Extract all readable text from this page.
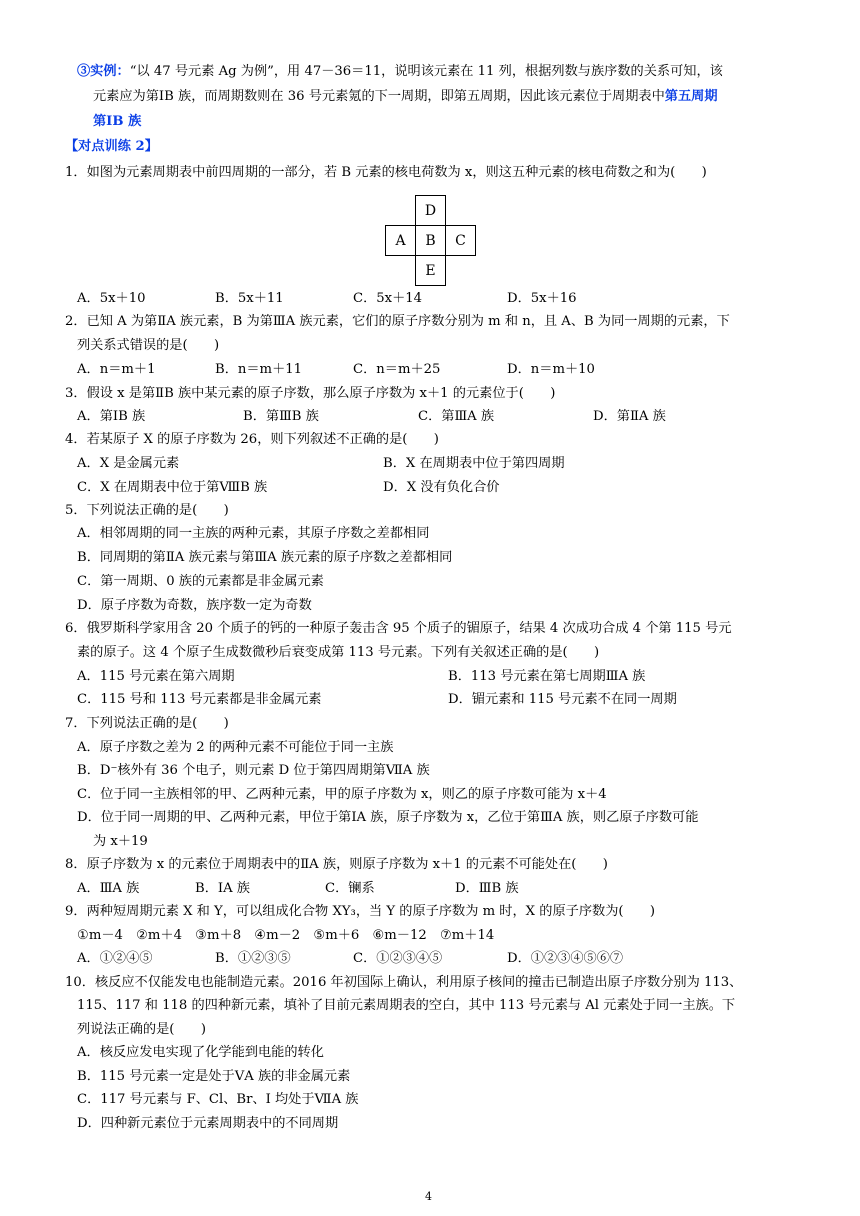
③实例：“以 47 号元素 Ag 为例”，用 47－36＝11，说明该元素在 11 列，根据列数与族序数的关系可知，该
元素应为第ⅠB 族，而周期数则在 36 号元素氪的下一周期，即第五周期，因此该元素位于周期表中第五周期
第ⅠB 族
【对点训练 2】
1．如图为元素周期表中前四周期的一部分，若 B 元素的核电荷数为 x，则这五种元素的核电荷数之和为(　　)
D
A	B	C
E
A．5x＋10	B．5x＋11	C．5x＋14	D．5x＋16
2．已知 A 为第ⅡA 族元素，B 为第ⅢA 族元素，它们的原子序数分别为 m 和 n，且 A、B 为同一周期的元素，下
列关系式错误的是(　　)
A．n＝m＋1	B．n＝m＋11	C．n＝m＋25	D．n＝m＋10
3．假设 x 是第ⅡB 族中某元素的原子序数，那么原子序数为 x＋1 的元素位于(　　)
A．第ⅠB 族	B．第ⅢB 族	C．第ⅢA 族	D．第ⅡA 族
4．若某原子 X 的原子序数为 26，则下列叙述不正确的是(　　)
A．X 是金属元素	B．X 在周期表中位于第四周期
C．X 在周期表中位于第ⅧB 族	D．X 没有负化合价
5．下列说法正确的是(　　)
A．相邻周期的同一主族的两种元素，其原子序数之差都相同
B．同周期的第ⅡA 族元素与第ⅢA 族元素的原子序数之差都相同
C．第一周期、0 族的元素都是非金属元素
D．原子序数为奇数，族序数一定为奇数
6．俄罗斯科学家用含 20 个质子的钙的一种原子轰击含 95 个质子的镅原子，结果 4 次成功合成 4 个第 115 号元
素的原子。这 4 个原子生成数微秒后衰变成第 113 号元素。下列有关叙述正确的是(　　)
A．115 号元素在第六周期	B．113 号元素在第七周期ⅢA 族
C．115 号和 113 号元素都是非金属元素	D．镅元素和 115 号元素不在同一周期
7．下列说法正确的是(　　)
A．原子序数之差为 2 的两种元素不可能位于同一主族
B．D⁻核外有 36 个电子，则元素 D 位于第四周期第ⅦA 族
C．位于同一主族相邻的甲、乙两种元素，甲的原子序数为 x，则乙的原子序数可能为 x＋4
D．位于同一周期的甲、乙两种元素，甲位于第ⅠA 族，原子序数为 x，乙位于第ⅢA 族，则乙原子序数可能
为 x＋19
8．原子序数为 x 的元素位于周期表中的ⅡA 族，则原子序数为 x＋1 的元素不可能处在(　　)
A．ⅢA 族	B．ⅠA 族	C．镧系	D．ⅢB 族
9．两种短周期元素 X 和 Y，可以组成化合物 XY₃，当 Y 的原子序数为 m 时，X 的原子序数为(　　)
①m－4　②m＋4　③m＋8　④m－2　⑤m＋6　⑥m－12　⑦m＋14
A．①②④⑤	B．①②③⑤	C．①②③④⑤	D．①②③④⑤⑥⑦
10．核反应不仅能发电也能制造元素。2016 年初国际上确认，利用原子核间的撞击已制造出原子序数分别为 113、
115、117 和 118 的四种新元素，填补了目前元素周期表的空白，其中 113 号元素与 Al 元素处于同一主族。下
列说法正确的是(　　)
A．核反应发电实现了化学能到电能的转化
B．115 号元素一定是处于ⅤA 族的非金属元素
C．117 号元素与 F、Cl、Br、I 均处于ⅦA 族
D．四种新元素位于元素周期表中的不同周期
4
